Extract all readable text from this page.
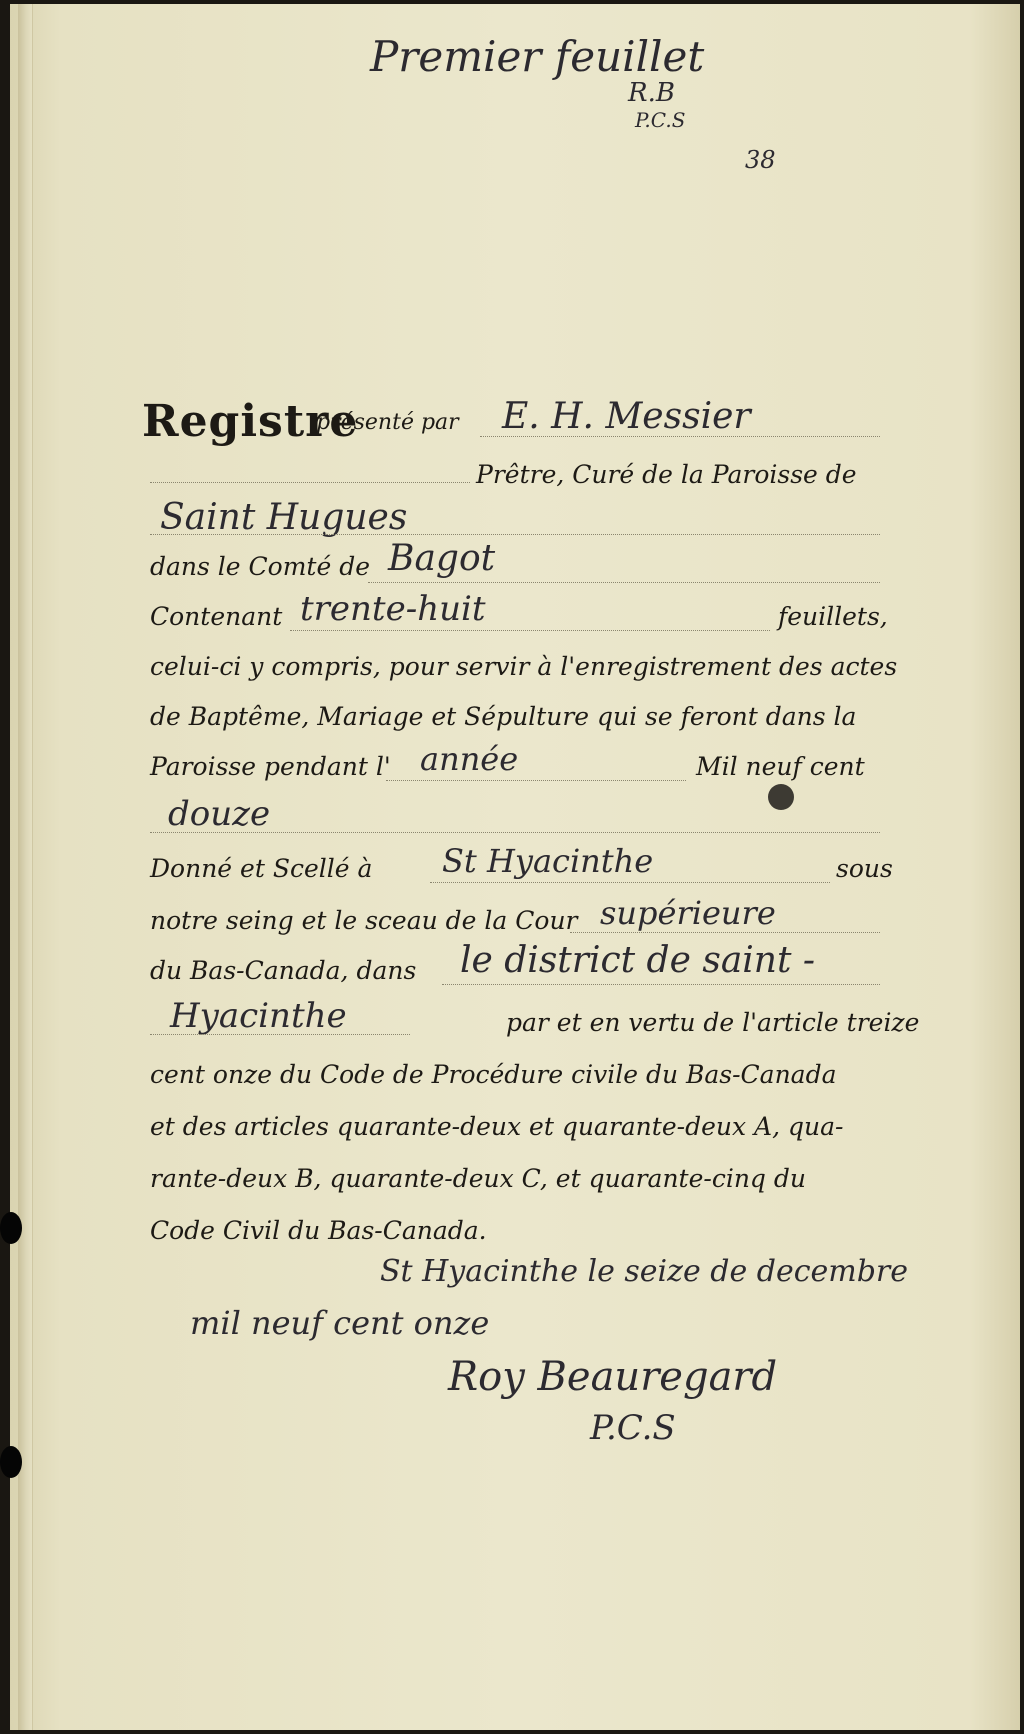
Premier feuillet
R.B
P.C.S
38
Registre
présenté par E. H. Messier
Prêtre, Curé de la Paroisse de
Saint Hugues
dans le Comté de Bagot
Contenant trente-huit	feuillets,
celui-ci y compris, pour servir à l'enregistrement des actes
de Baptême, Mariage et Sépulture qui se feront dans la
Paroisse pendant l' année	Mil neuf cent
douze
Donné et Scellé à St Hyacinthe	sous
notre seing et le sceau de la Cour supérieure
du Bas-Canada, dans le district de saint -
Hyacinthe	par et en vertu de l'article treize
cent onze du Code de Procédure civile du Bas-Canada
et des articles quarante-deux et quarante-deux A, qua-
rante-deux B, quarante-deux C, et quarante-cinq du
Code Civil du Bas-Canada.
St Hyacinthe le seize de decembre
mil neuf cent onze
Roy Beauregard
P.C.S
